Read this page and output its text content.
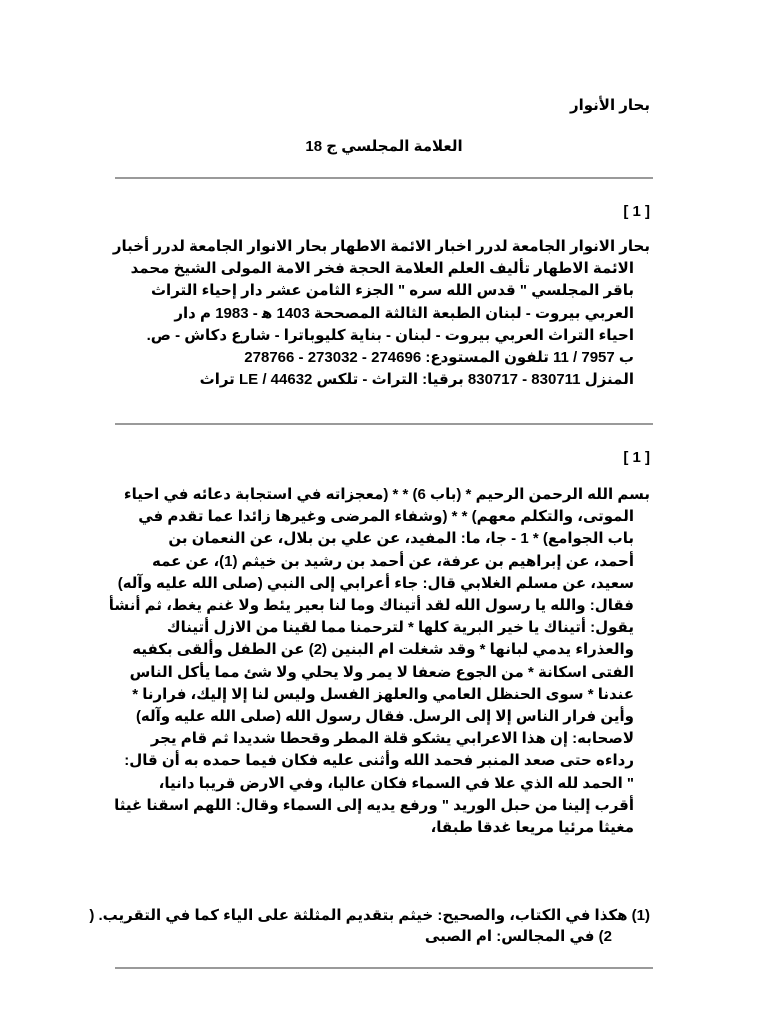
بحار الأنوار
العلامة المجلسي ج 18
[ 1 ]
بحار الانوار الجامعة لدرر اخبار الائمة الاطهار بحار الانوار الجامعة لدرر أخبار
الائمة الاطهار تأليف العلم العلامة الحجة فخر الامة المولى الشيخ محمد
باقر المجلسي " قدس الله سره " الجزء الثامن عشر دار إحياء التراث
العربي بيروت - لبنان الطبعة الثالثة المصححة 1403 ه‍ - 1983 م دار
احياء التراث العربي بيروت - لبنان - بناية كليوباترا - شارع دكاش - ص.
ب 7957 / 11 تلفون المستودع: 274696 - 273032 - 278766
المنزل 830711 - 830717 برقيا: التراث - تلكس LE / 44632 تراث
[ 1 ]
بسم الله الرحمن الرحيم * (باب 6) * * (معجزاته في استجابة دعائه في احياء
الموتى، والتكلم معهم) * * (وشفاء المرضى وغيرها زائدا عما تقدم في
باب الجوامع) * 1 - جا، ما: المفيد، عن علي بن بلال، عن النعمان بن
أحمد، عن إبراهيم بن عرفة، عن أحمد بن رشيد بن خيثم (1)، عن عمه
سعيد، عن مسلم الغلابي قال: جاء أعرابي إلى النبي (صلى الله عليه وآله)
فقال: والله يا رسول الله لقد أتيناك وما لنا بعير يئط ولا غنم يغط، ثم أنشأ
يقول: أتيناك يا خير البرية كلها * لترحمنا مما لقينا من الازل أتيناك
والعذراء يدمي لبانها * وقد شغلت ام البنين (2) عن الطفل وألقى بكفيه
الفتى اسكانة * من الجوع ضعفا لا يمر ولا يحلي ولا شئ مما يأكل الناس
عندنا * سوى الحنظل العامي والعلهز الفسل وليس لنا إلا إليك، فرارنا *
وأين فرار الناس إلا إلى الرسل. فقال رسول الله (صلى الله عليه وآله)
لاصحابه: إن هذا الاعرابي يشكو قلة المطر وقحطا شديدا ثم قام يجر
رداءه حتى صعد المنبر فحمد الله وأثنى عليه فكان فيما حمده به أن قال:
" الحمد لله الذي علا في السماء فكان عاليا، وفي الارض قريبا دانيا،
أقرب إلينا من حبل الوريد " ورفع يديه إلى السماء وقال: اللهم اسقنا غيثا
مغيثا مرئيا مريعا غدقا طبقا،
(1) هكذا في الكتاب، والصحيح: خيثم بتقديم المثلثة على الياء كما في التقريب. (
2) في المجالس: ام الصبى
